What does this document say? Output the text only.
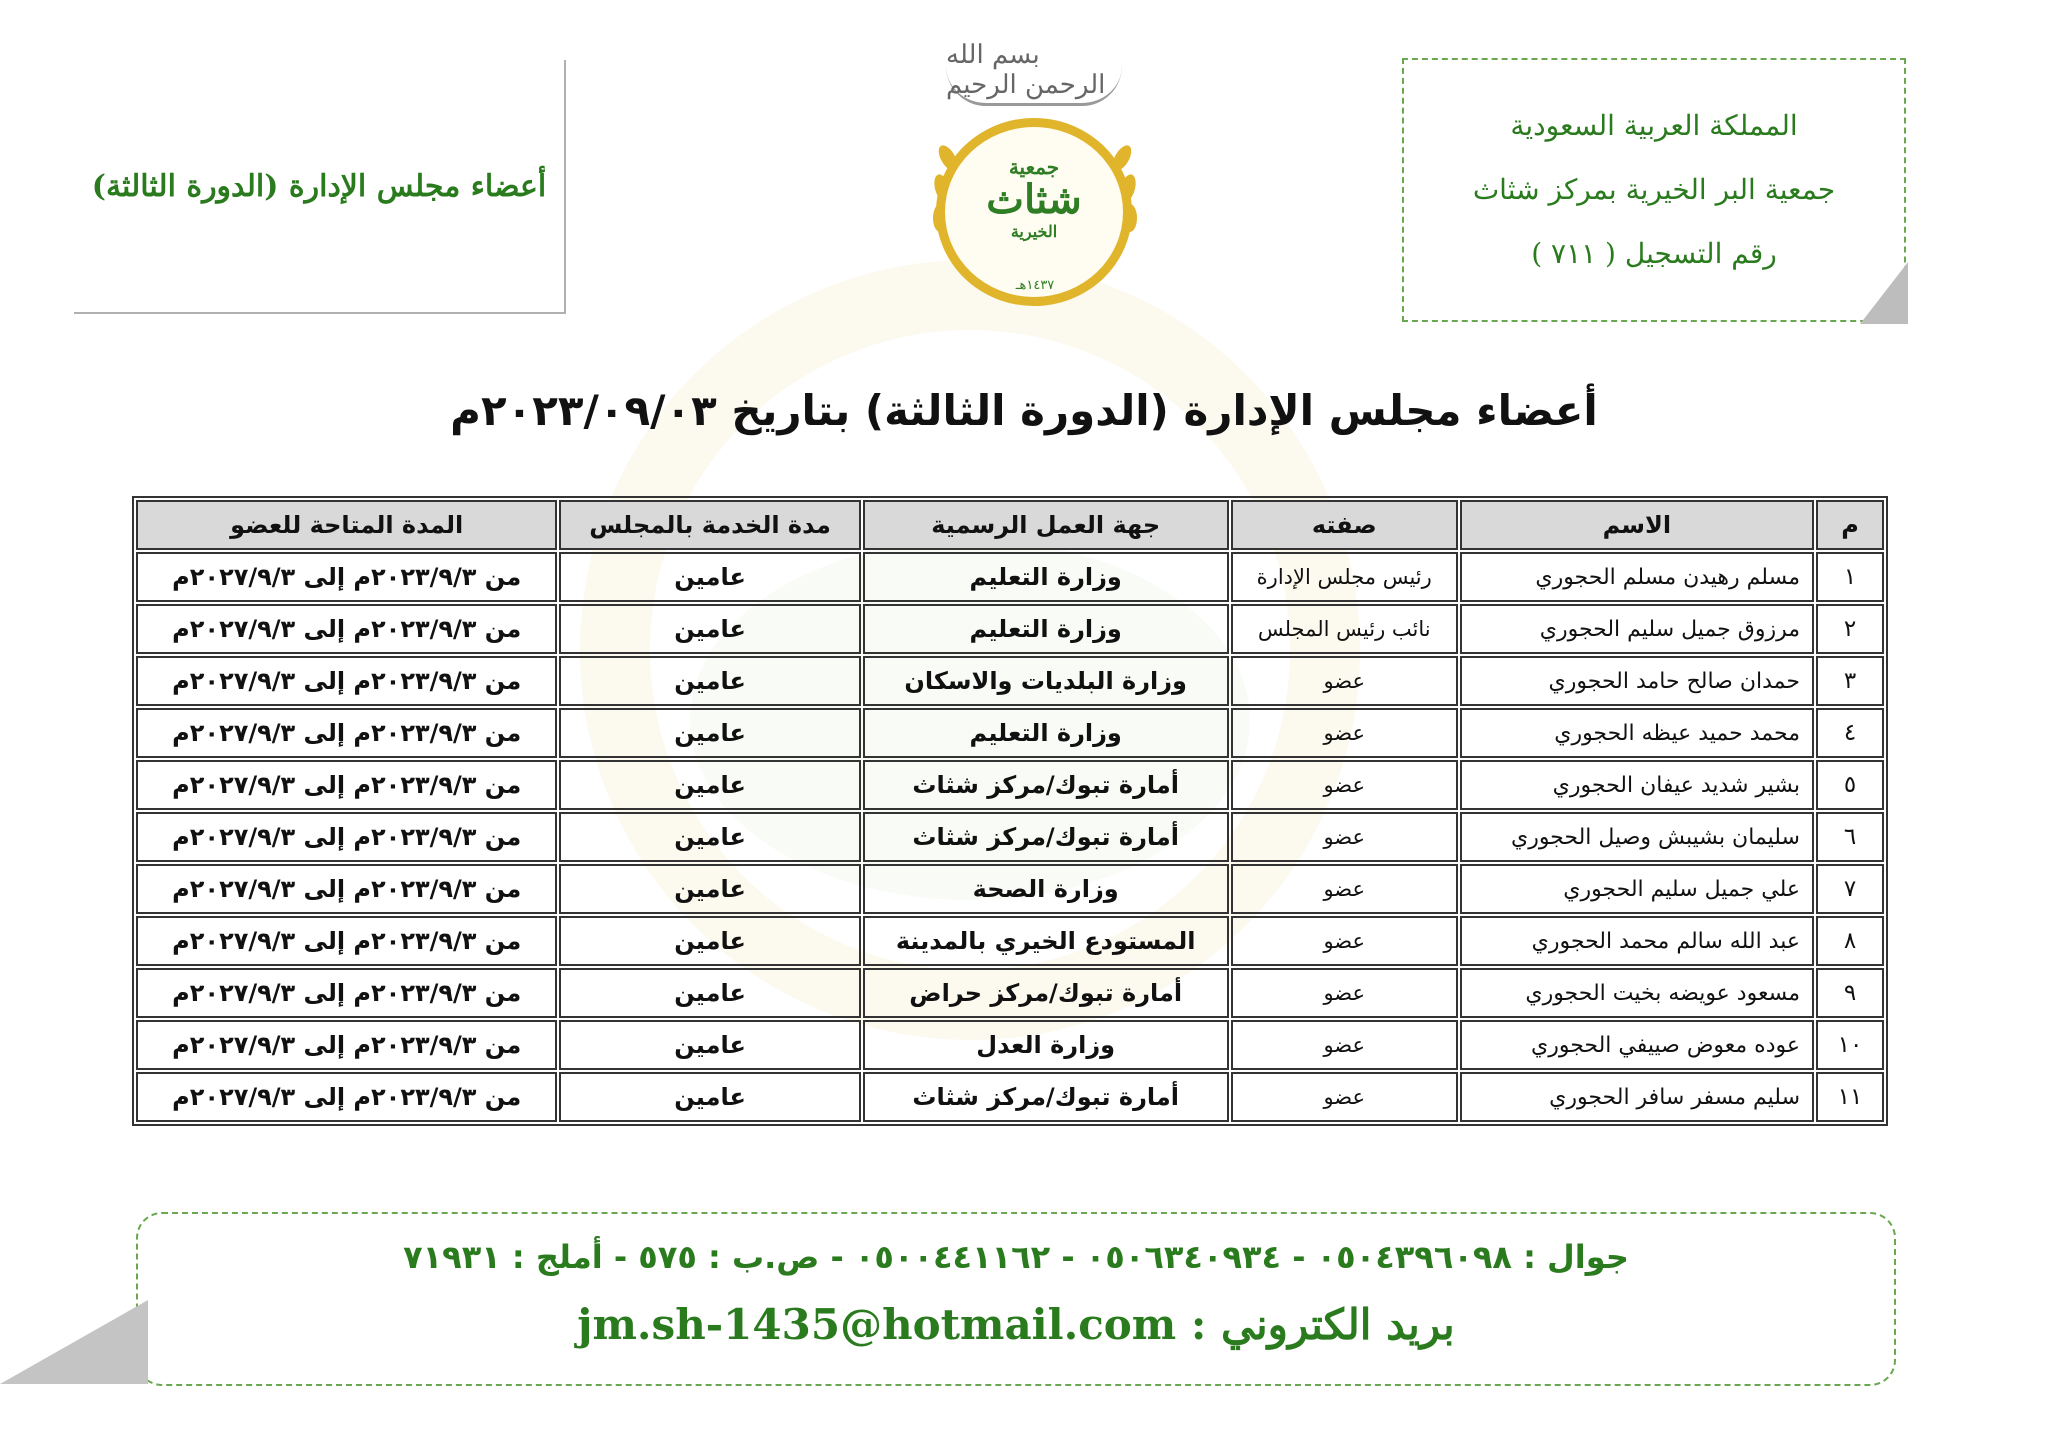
المملكة العربية السعودية
جمعية البر الخيرية بمركز شثاث
رقم التسجيل ( ٧١١ )
أعضاء مجلس الإدارة (الدورة الثالثة)
بسم الله الرحمن الرحيم
جمعية
شثاث
الخيرية
١٤٣٧هـ
أعضاء مجلس الإدارة (الدورة الثالثة) بتاريخ ٢٠٢٣/٠٩/٠٣م
م	الاسم	صفته	جهة العمل الرسمية	مدة الخدمة بالمجلس	المدة المتاحة للعضو
١	مسلم رهيدن مسلم الحجوري	رئيس مجلس الإدارة	وزارة التعليم	عامين	من ٢٠٢٣/٩/٣م إلى ٢٠٢٧/٩/٣م
٢	مرزوق جميل سليم الحجوري	نائب رئيس المجلس	وزارة التعليم	عامين	من ٢٠٢٣/٩/٣م إلى ٢٠٢٧/٩/٣م
٣	حمدان صالح حامد الحجوري	عضو	وزارة البلديات والاسكان	عامين	من ٢٠٢٣/٩/٣م إلى ٢٠٢٧/٩/٣م
٤	محمد حميد عيظه الحجوري	عضو	وزارة التعليم	عامين	من ٢٠٢٣/٩/٣م إلى ٢٠٢٧/٩/٣م
٥	بشير شديد عيفان الحجوري	عضو	أمارة تبوك/مركز شثاث	عامين	من ٢٠٢٣/٩/٣م إلى ٢٠٢٧/٩/٣م
٦	سليمان بشيبش وصيل الحجوري	عضو	أمارة تبوك/مركز شثاث	عامين	من ٢٠٢٣/٩/٣م إلى ٢٠٢٧/٩/٣م
٧	علي جميل سليم الحجوري	عضو	وزارة الصحة	عامين	من ٢٠٢٣/٩/٣م إلى ٢٠٢٧/٩/٣م
٨	عبد الله سالم محمد الحجوري	عضو	المستودع الخيري بالمدينة	عامين	من ٢٠٢٣/٩/٣م إلى ٢٠٢٧/٩/٣م
٩	مسعود عويضه بخيت الحجوري	عضو	أمارة تبوك/مركز حراض	عامين	من ٢٠٢٣/٩/٣م إلى ٢٠٢٧/٩/٣م
١٠	عوده معوض صييفي الحجوري	عضو	وزارة العدل	عامين	من ٢٠٢٣/٩/٣م إلى ٢٠٢٧/٩/٣م
١١	سليم مسفر سافر الحجوري	عضو	أمارة تبوك/مركز شثاث	عامين	من ٢٠٢٣/٩/٣م إلى ٢٠٢٧/٩/٣م
جوال : ٠٥٠٤٣٩٦٠٩٨ - ٠٥٠٦٣٤٠٩٣٤ - ٠٥٠٠٤٤١١٦٢ - ص.ب : ٥٧٥ - أملج : ٧١٩٣١
بريد الكتروني : jm.sh-1435@hotmail.com
